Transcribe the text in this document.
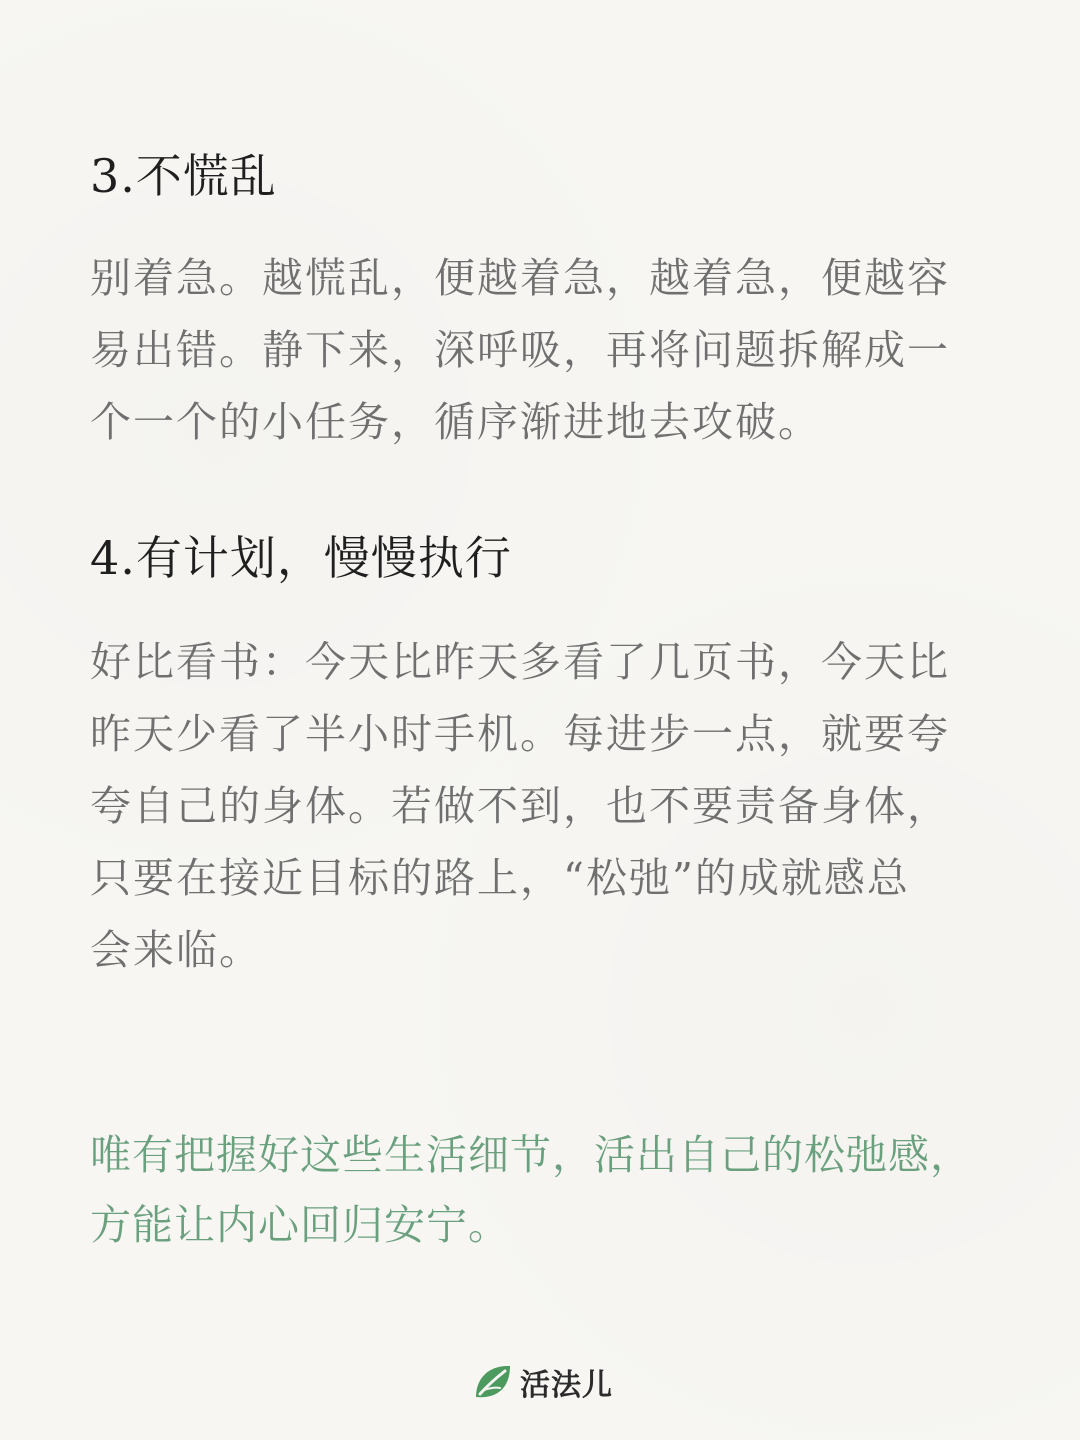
3.不慌乱
别着急。越慌乱，便越着急，越着急，便越容
易出错。静下来，深呼吸，再将问题拆解成一
个一个的小任务，循序渐进地去攻破。
4.有计划，慢慢执行
好比看书：今天比昨天多看了几页书，今天比
昨天少看了半小时手机。每进步一点，就要夸
夸自己的身体。若做不到，也不要责备身体，
只要在接近目标的路上，“松弛”的成就感总
会来临。
唯有把握好这些生活细节，活出自己的松弛感，
方能让内心回归安宁。
活法儿
